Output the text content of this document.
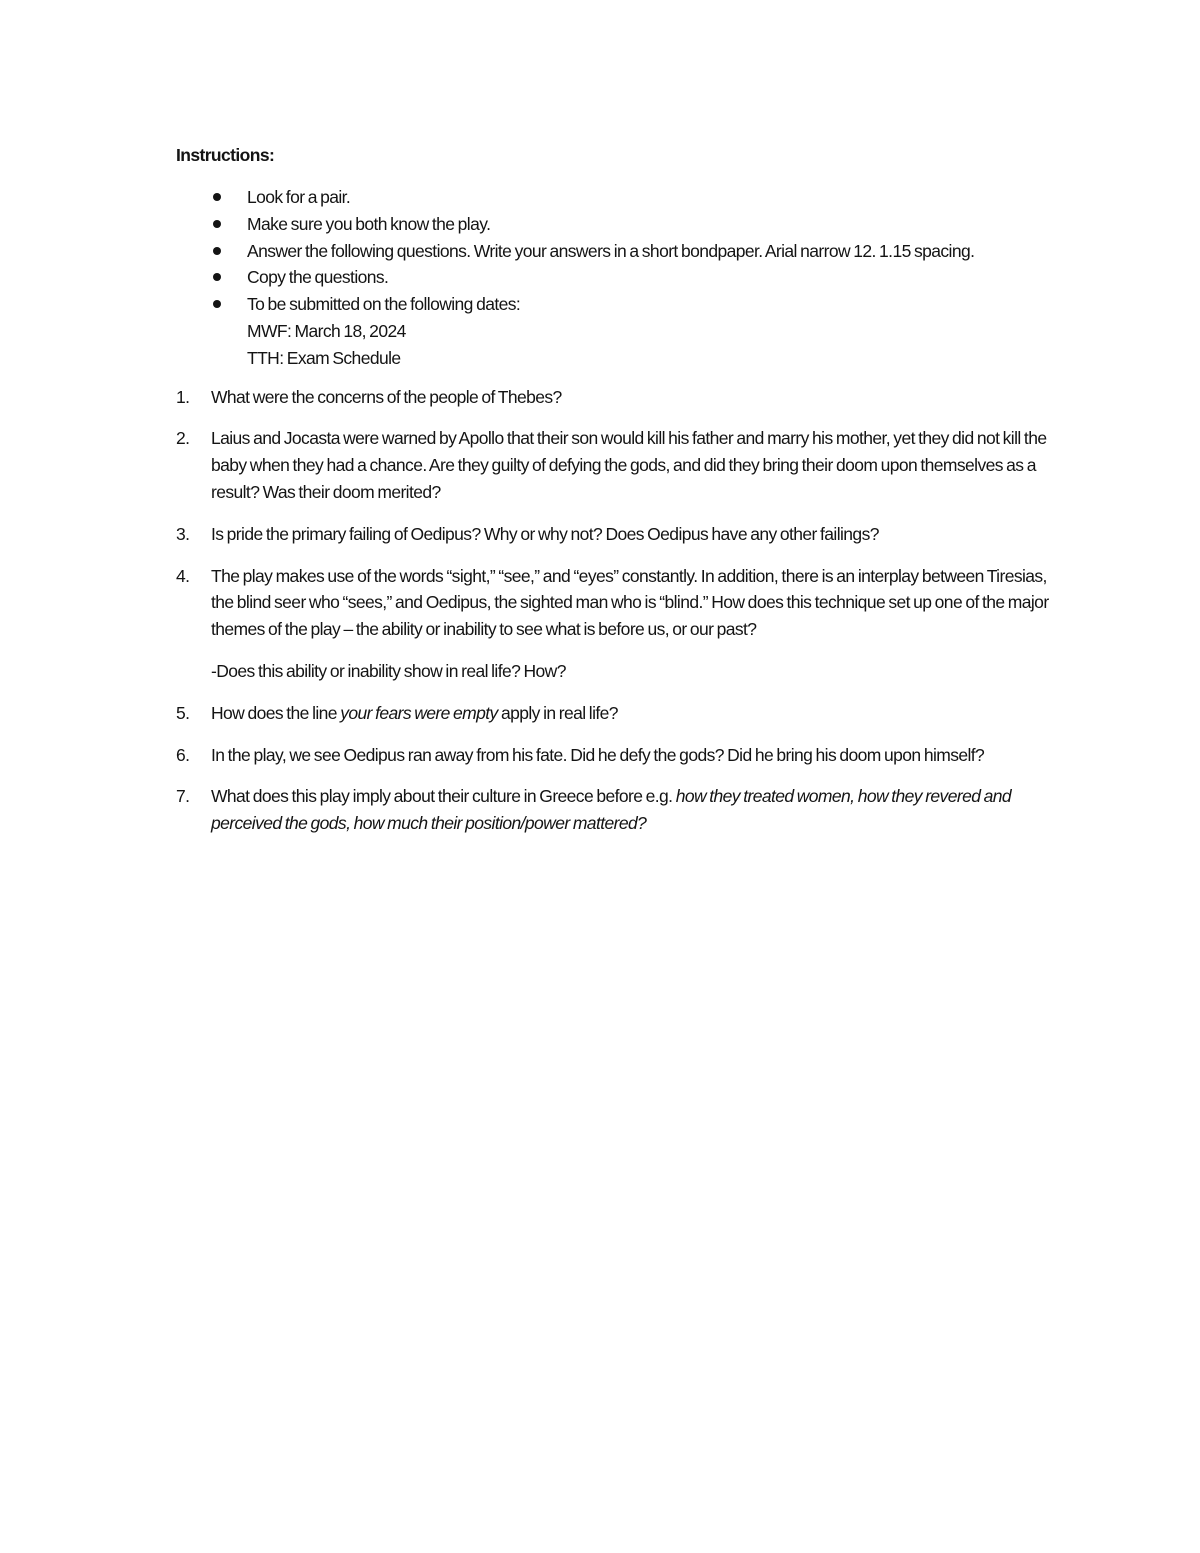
Instructions:
Look for a pair.
Make sure you both know the play.
Answer the following questions. Write your answers in a short bondpaper. Arial narrow 12. 1.15 spacing.
Copy the questions.
To be submitted on the following dates:
MWF: March 18, 2024
TTH: Exam Schedule
1. What were the concerns of the people of Thebes?
2. Laius and Jocasta were warned by Apollo that their son would kill his father and marry his mother, yet they did not kill the baby when they had a chance. Are they guilty of defying the gods, and did they bring their doom upon themselves as a result? Was their doom merited?
3. Is pride the primary failing of Oedipus? Why or why not? Does Oedipus have any other failings?
4. The play makes use of the words “sight,” “see,” and “eyes” constantly. In addition, there is an interplay between Tiresias, the blind seer who “sees,” and Oedipus, the sighted man who is “blind.” How does this technique set up one of the major themes of the play – the ability or inability to see what is before us, or our past?
-Does this ability or inability show in real life? How?
5. How does the line your fears were empty apply in real life?
6. In the play, we see Oedipus ran away from his fate. Did he defy the gods? Did he bring his doom upon himself?
7. What does this play imply about their culture in Greece before e.g. how they treated women, how they revered and perceived the gods, how much their position/power mattered?
